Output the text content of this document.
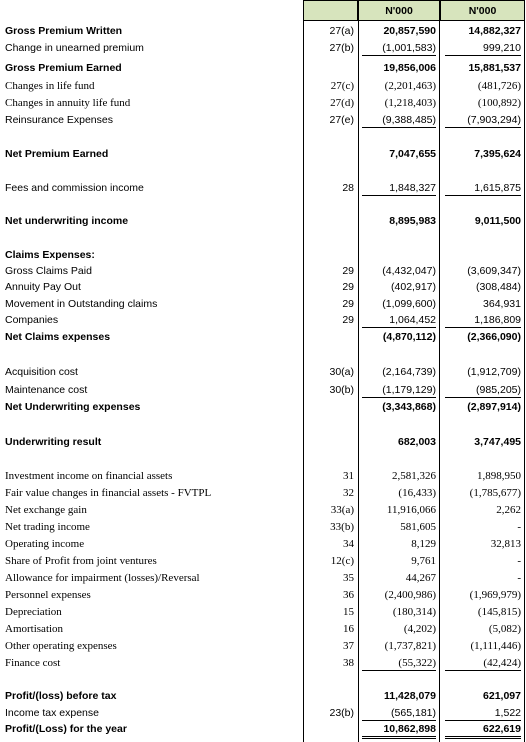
N'000	N'000
Gross Premium Written	27(a)	20,857,590	14,882,327
Change in unearned premium	27(b)	(1,001,583)	999,210
Gross Premium Earned	19,856,006	15,881,537
Changes in life fund	27(c)	(2,201,463)	(481,726)
Changes in annuity life fund	27(d)	(1,218,403)	(100,892)
Reinsurance Expenses	27(e)	(9,388,485)	(7,903,294)
Net Premium Earned	7,047,655	7,395,624
Fees and commission income	28	1,848,327	1,615,875
Net underwriting income	8,895,983	9,011,500
Claims Expenses:
Gross Claims Paid	29	(4,432,047)	(3,609,347)
Annuity Pay Out	29	(402,917)	(308,484)
Movement in Outstanding claims	29	(1,099,600)	364,931
Companies	29	1,064,452	1,186,809
Net Claims expenses	(4,870,112)	(2,366,090)
Acquisition cost	30(a)	(2,164,739)	(1,912,709)
Maintenance cost	30(b)	(1,179,129)	(985,205)
Net Underwriting expenses	(3,343,868)	(2,897,914)
Underwriting result	682,003	3,747,495
Investment income on financial assets	31	2,581,326	1,898,950
Fair value changes in financial assets - FVTPL	32	(16,433)	(1,785,677)
Net exchange gain	33(a)	11,916,066	2,262
Net trading income	33(b)	581,605	-
Operating income	34	8,129	32,813
Share of Profit from joint ventures	12(c)	9,761	-
Allowance for impairment (losses)/Reversal	35	44,267	-
Personnel expenses	36	(2,400,986)	(1,969,979)
Depreciation	15	(180,314)	(145,815)
Amortisation	16	(4,202)	(5,082)
Other operating expenses	37	(1,737,821)	(1,111,446)
Finance cost	38	(55,322)	(42,424)
Profit/(loss) before tax	11,428,079	621,097
Income tax expense	23(b)	(565,181)	1,522
Profit/(Loss) for the year	10,862,898	622,619
